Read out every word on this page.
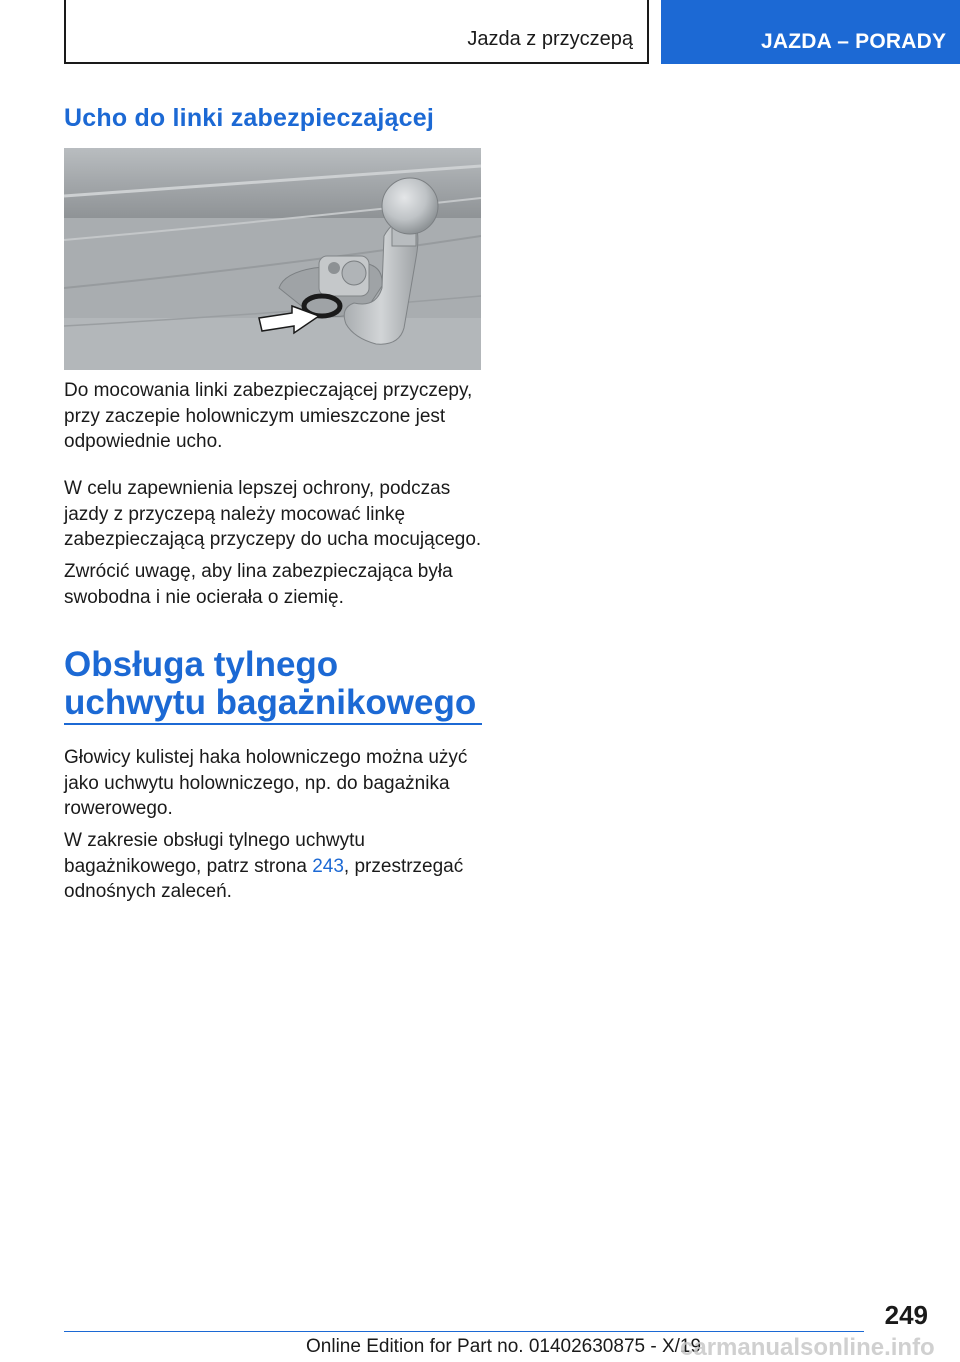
Jazda z przyczepą	JAZDA – PORADY
Ucho do linki zabezpieczającej

Do mocowania linki zabezpieczającej przyczepy, przy zaczepie holowniczym umieszczone jest odpowiednie ucho.

W celu zapewnienia lepszej ochrony, podczas jazdy z przyczepą należy mocować linkę zabezpieczającą przyczepy do ucha mocującego.

Zwrócić uwagę, aby lina zabezpieczająca była swobodna i nie ocierała o ziemię.

Obsługa tylnego uchwytu bagażnikowego

Głowicy kulistej haka holowniczego można użyć jako uchwytu holowniczego, np. do bagażnika rowerowego.

W zakresie obsługi tylnego uchwytu bagażnikowego, patrz strona 243, przestrzegać odnośnych zaleceń.

249
Online Edition for Part no. 01402630875 - X/19
carmanualsonline.info
